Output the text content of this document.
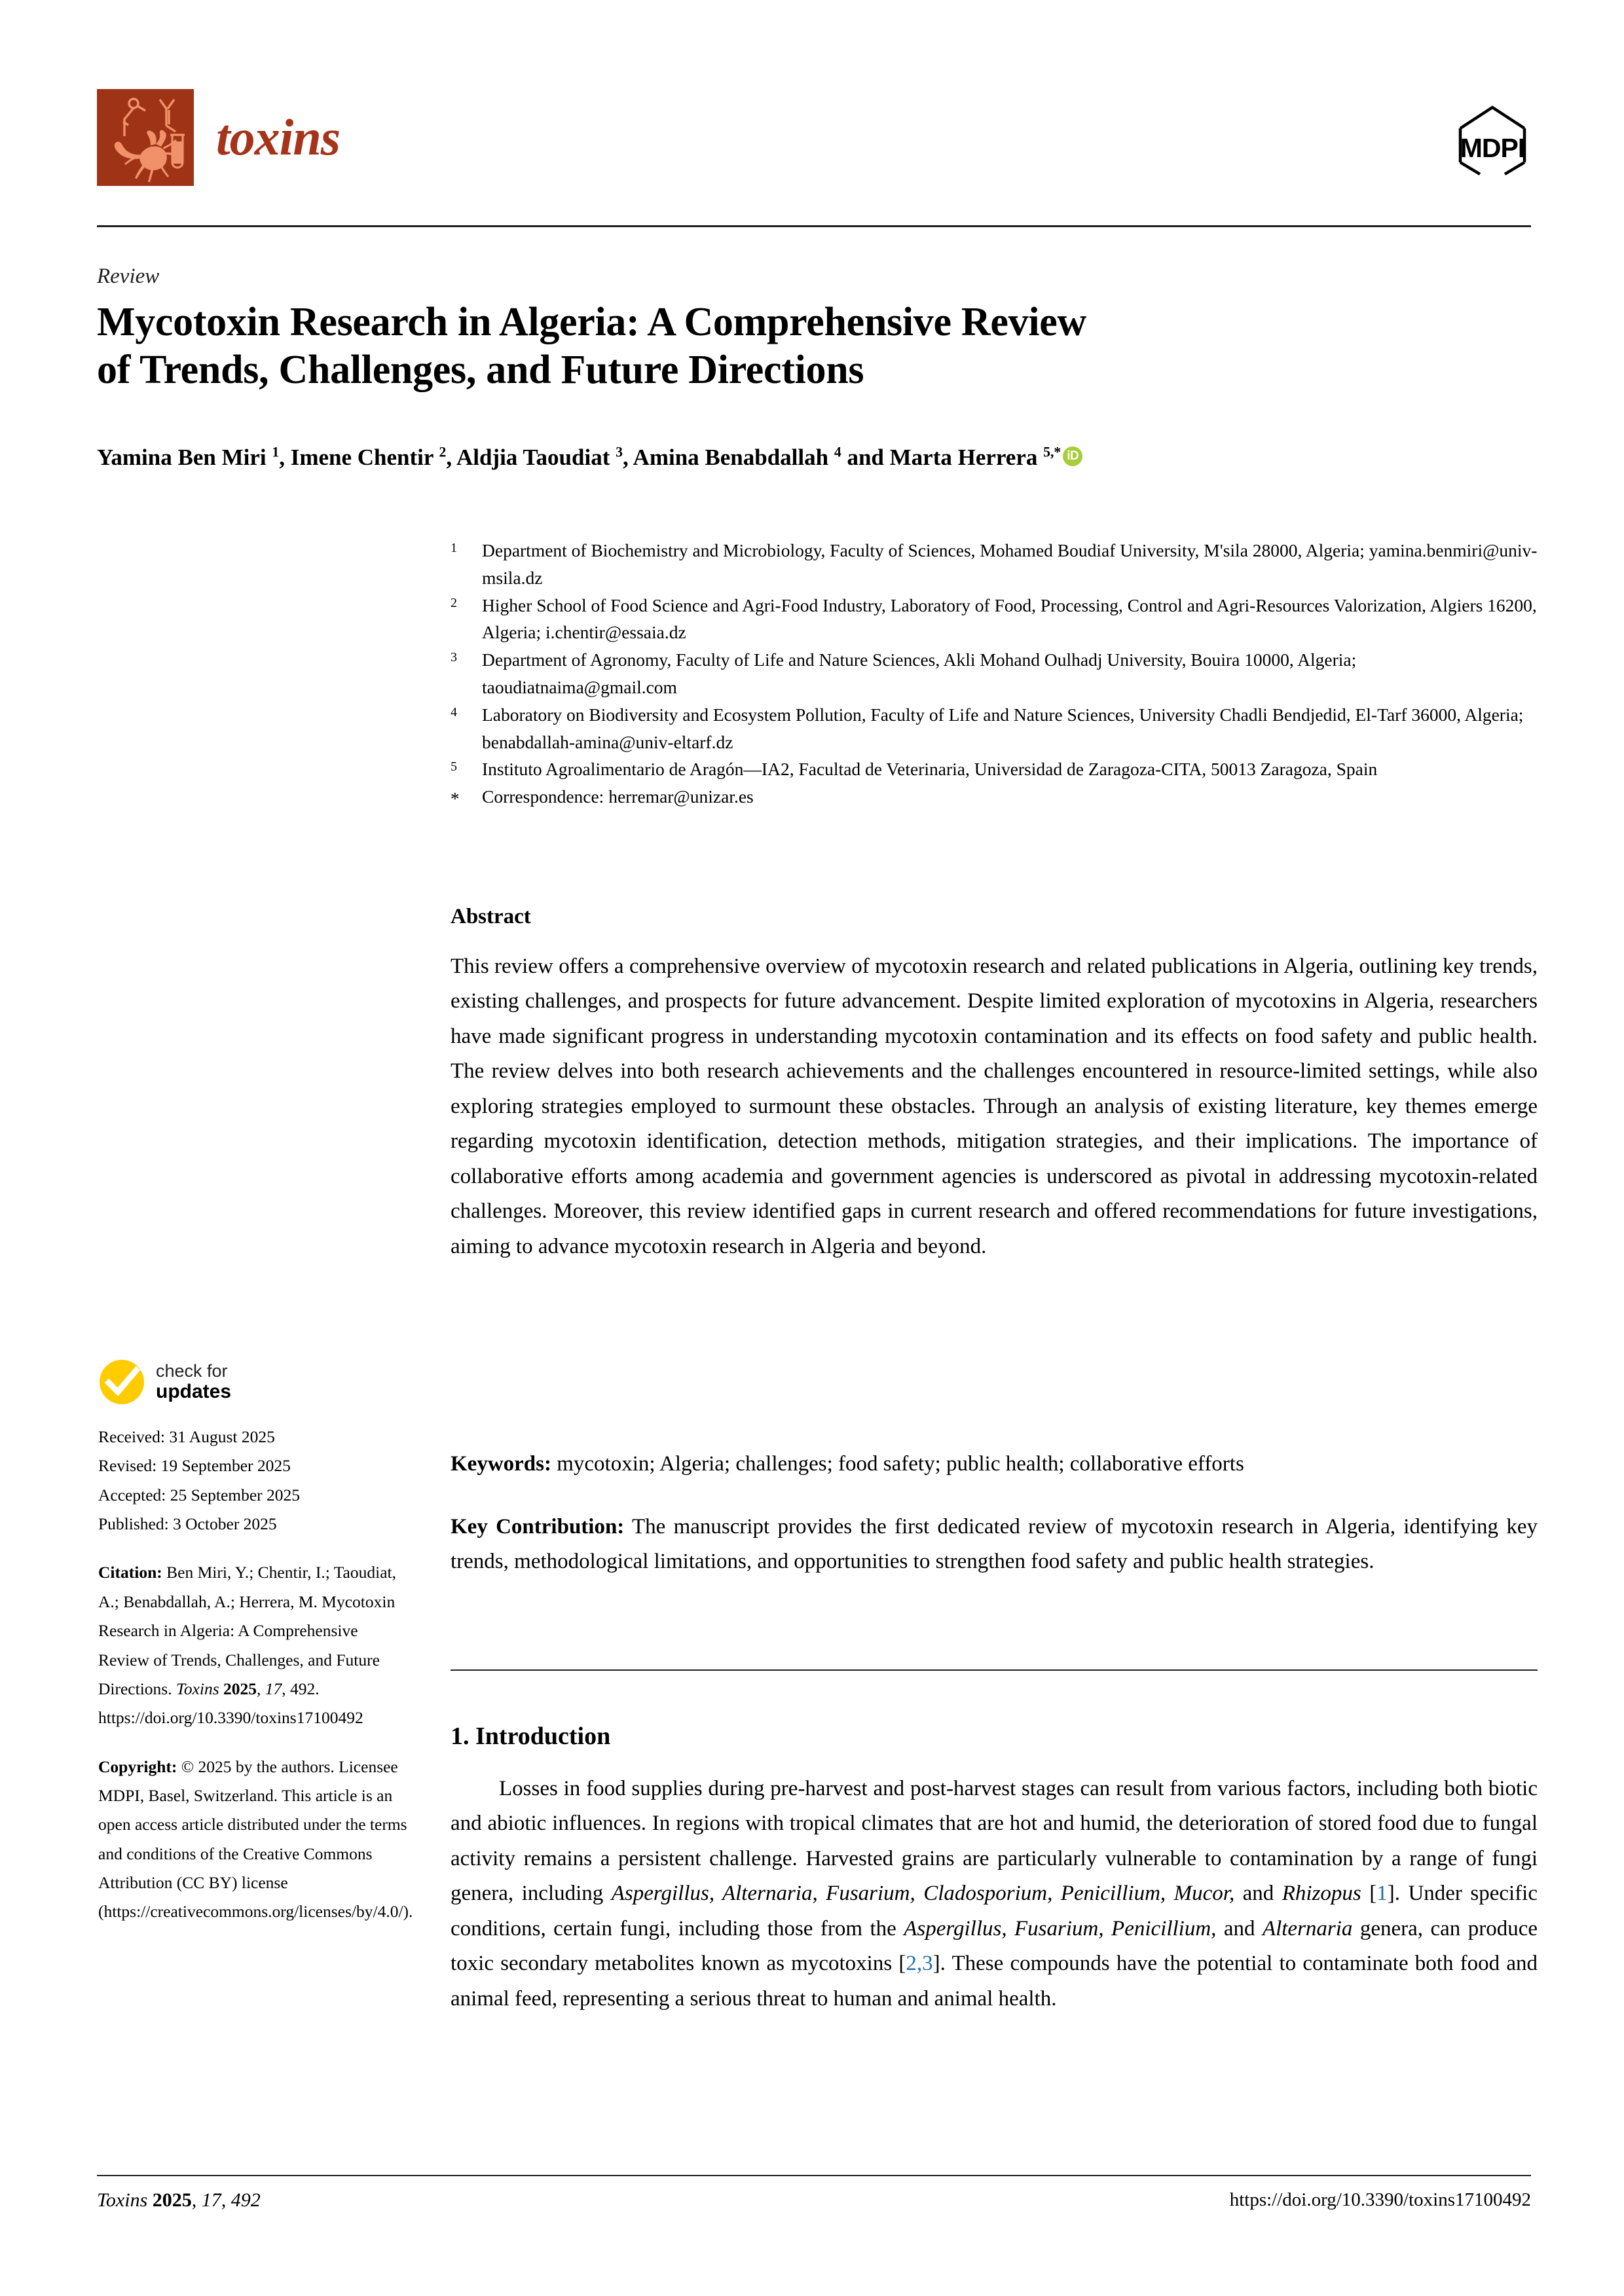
toxins	MDPI
Review
Mycotoxin Research in Algeria: A Comprehensive Review
of Trends, Challenges, and Future Directions
Yamina Ben Miri $^1$, Imene Chentir $^2$, Aldjia Taoudiat $^3$, Amina Benabdallah $^4$ and Marta Herrera $^{5,*}$ iD
1	Department of Biochemistry and Microbiology, Faculty of Sciences, Mohamed Boudiaf University, M'sila 28000, Algeria; yamina.benmiri@univ-msila.dz
2	Higher School of Food Science and Agri-Food Industry, Laboratory of Food, Processing, Control and Agri-Resources Valorization, Algiers 16200, Algeria; i.chentir@essaia.dz
3	Department of Agronomy, Faculty of Life and Nature Sciences, Akli Mohand Oulhadj University, Bouira 10000, Algeria; taoudiatnaima@gmail.com
4	Laboratory on Biodiversity and Ecosystem Pollution, Faculty of Life and Nature Sciences, University Chadli Bendjedid, El-Tarf 36000, Algeria; benabdallah-amina@univ-eltarf.dz
5	Instituto Agroalimentario de Aragón—IA2, Facultad de Veterinaria, Universidad de Zaragoza-CITA, 50013 Zaragoza, Spain
*	Correspondence: herremar@unizar.es
Abstract
This review offers a comprehensive overview of mycotoxin research and related publications in Algeria, outlining key trends, existing challenges, and prospects for future advancement. Despite limited exploration of mycotoxins in Algeria, researchers have made significant progress in understanding mycotoxin contamination and its effects on food safety and public health. The review delves into both research achievements and the challenges encountered in resource-limited settings, while also exploring strategies employed to surmount these obstacles. Through an analysis of existing literature, key themes emerge regarding mycotoxin identification, detection methods, mitigation strategies, and their implications. The importance of collaborative efforts among academia and government agencies is underscored as pivotal in addressing mycotoxin-related challenges. Moreover, this review identified gaps in current research and offered recommendations for future investigations, aiming to advance mycotoxin research in Algeria and beyond.
Keywords: mycotoxin; Algeria; challenges; food safety; public health; collaborative efforts
Key Contribution: The manuscript provides the first dedicated review of mycotoxin research in Algeria, identifying key trends, methodological limitations, and opportunities to strengthen food safety and public health strategies.
1. Introduction
Losses in food supplies during pre-harvest and post-harvest stages can result from various factors, including both biotic and abiotic influences. In regions with tropical climates that are hot and humid, the deterioration of stored food due to fungal activity remains a persistent challenge. Harvested grains are particularly vulnerable to contamination by a range of fungi genera, including Aspergillus, Alternaria, Fusarium, Cladosporium, Penicillium, Mucor, and Rhizopus [1]. Under specific conditions, certain fungi, including those from the Aspergillus, Fusarium, Penicillium, and Alternaria genera, can produce toxic secondary metabolites known as mycotoxins [2,3]. These compounds have the potential to contaminate both food and animal feed, representing a serious threat to human and animal health.
check for
updates
Received: 31 August 2025
Revised: 19 September 2025
Accepted: 25 September 2025
Published: 3 October 2025
Citation: Ben Miri, Y.; Chentir, I.; Taoudiat, A.; Benabdallah, A.; Herrera, M. Mycotoxin Research in Algeria: A Comprehensive Review of Trends, Challenges, and Future Directions. Toxins 2025, 17, 492. https://doi.org/10.3390/toxins17100492
Copyright: © 2025 by the authors. Licensee MDPI, Basel, Switzerland. This article is an open access article distributed under the terms and conditions of the Creative Commons Attribution (CC BY) license (https://creativecommons.org/licenses/by/4.0/).
Toxins 2025, 17, 492	https://doi.org/10.3390/toxins17100492
